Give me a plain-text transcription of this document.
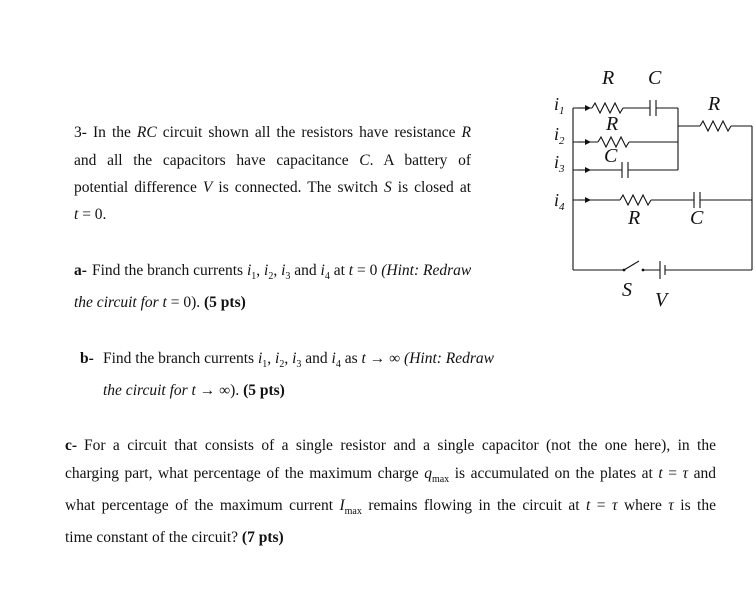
3- In the RC circuit shown all the resistors have resistance R
and all the capacitors have capacitance C. A battery of
potential difference V is connected. The switch S is closed at
t = 0.
a- Find the branch currents $i_1$, $i_2$, $i_3$ and $i_4$ at t = 0 (Hint: Redraw
the circuit for t = 0). (5 pts)
b- Find the branch currents $i_1$, $i_2$, $i_3$ and $i_4$ as t → ∞ (Hint: Redraw
the circuit for t → ∞). (5 pts)
c- For a circuit that consists of a single resistor and a single capacitor (not the one here), in the
charging part, what percentage of the maximum charge $q_{max}$ is accumulated on the plates at t = τ and
what percentage of the maximum current $I_{max}$ remains flowing in the circuit at t = τ where τ is the
time constant of the circuit? (7 pts)
R C
R
R
C
R C
S V
$i_1$
$i_2$
$i_3$
$i_4$
